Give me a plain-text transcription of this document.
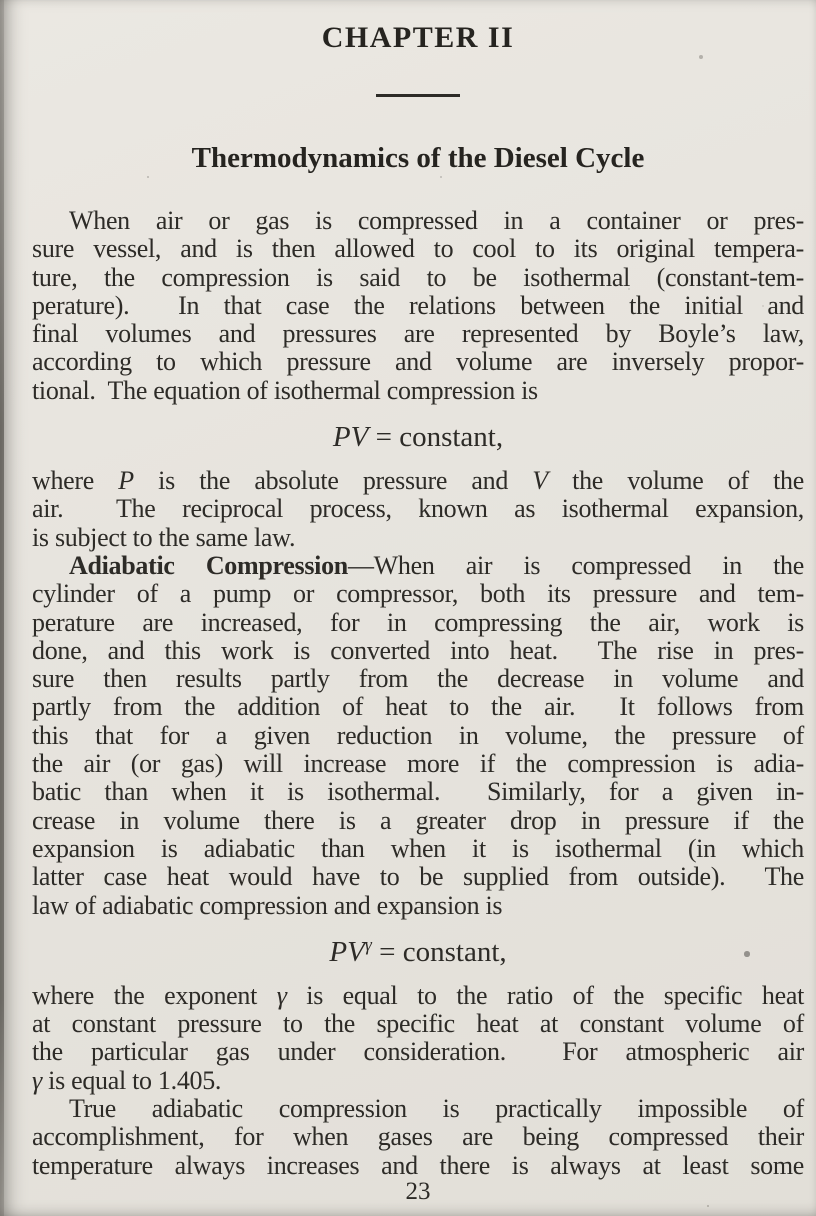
CHAPTER II
Thermodynamics of the Diesel Cycle
When air or gas is compressed in a container or pres-
sure vessel, and is then allowed to cool to its original tempera-
ture, the compression is said to be isothermal (constant-tem-
perature).  In that case the relations between the initial and
final volumes and pressures are represented by Boyle’s law,
according to which pressure and volume are inversely propor-
tional.  The equation of isothermal compression is
PV = constant,
where P is the absolute pressure and V the volume of the
air.  The reciprocal process, known as isothermal expansion,
is subject to the same law.
Adiabatic Compression—When air is compressed in the
cylinder of a pump or compressor, both its pressure and tem-
perature are increased, for in compressing the air, work is
done, and this work is converted into heat.  The rise in pres-
sure then results partly from the decrease in volume and
partly from the addition of heat to the air.  It follows from
this that for a given reduction in volume, the pressure of
the air (or gas) will increase more if the compression is adia-
batic than when it is isothermal.  Similarly, for a given in-
crease in volume there is a greater drop in pressure if the
expansion is adiabatic than when it is isothermal (in which
latter case heat would have to be supplied from outside).  The
law of adiabatic compression and expansion is
$PV^\gamma$ = constant,
where the exponent γ is equal to the ratio of the specific heat
at constant pressure to the specific heat at constant volume of
the particular gas under consideration.  For atmospheric air
γ is equal to 1.405.
True adiabatic compression is practically impossible of
accomplishment, for when gases are being compressed their
temperature always increases and there is always at least some
23
